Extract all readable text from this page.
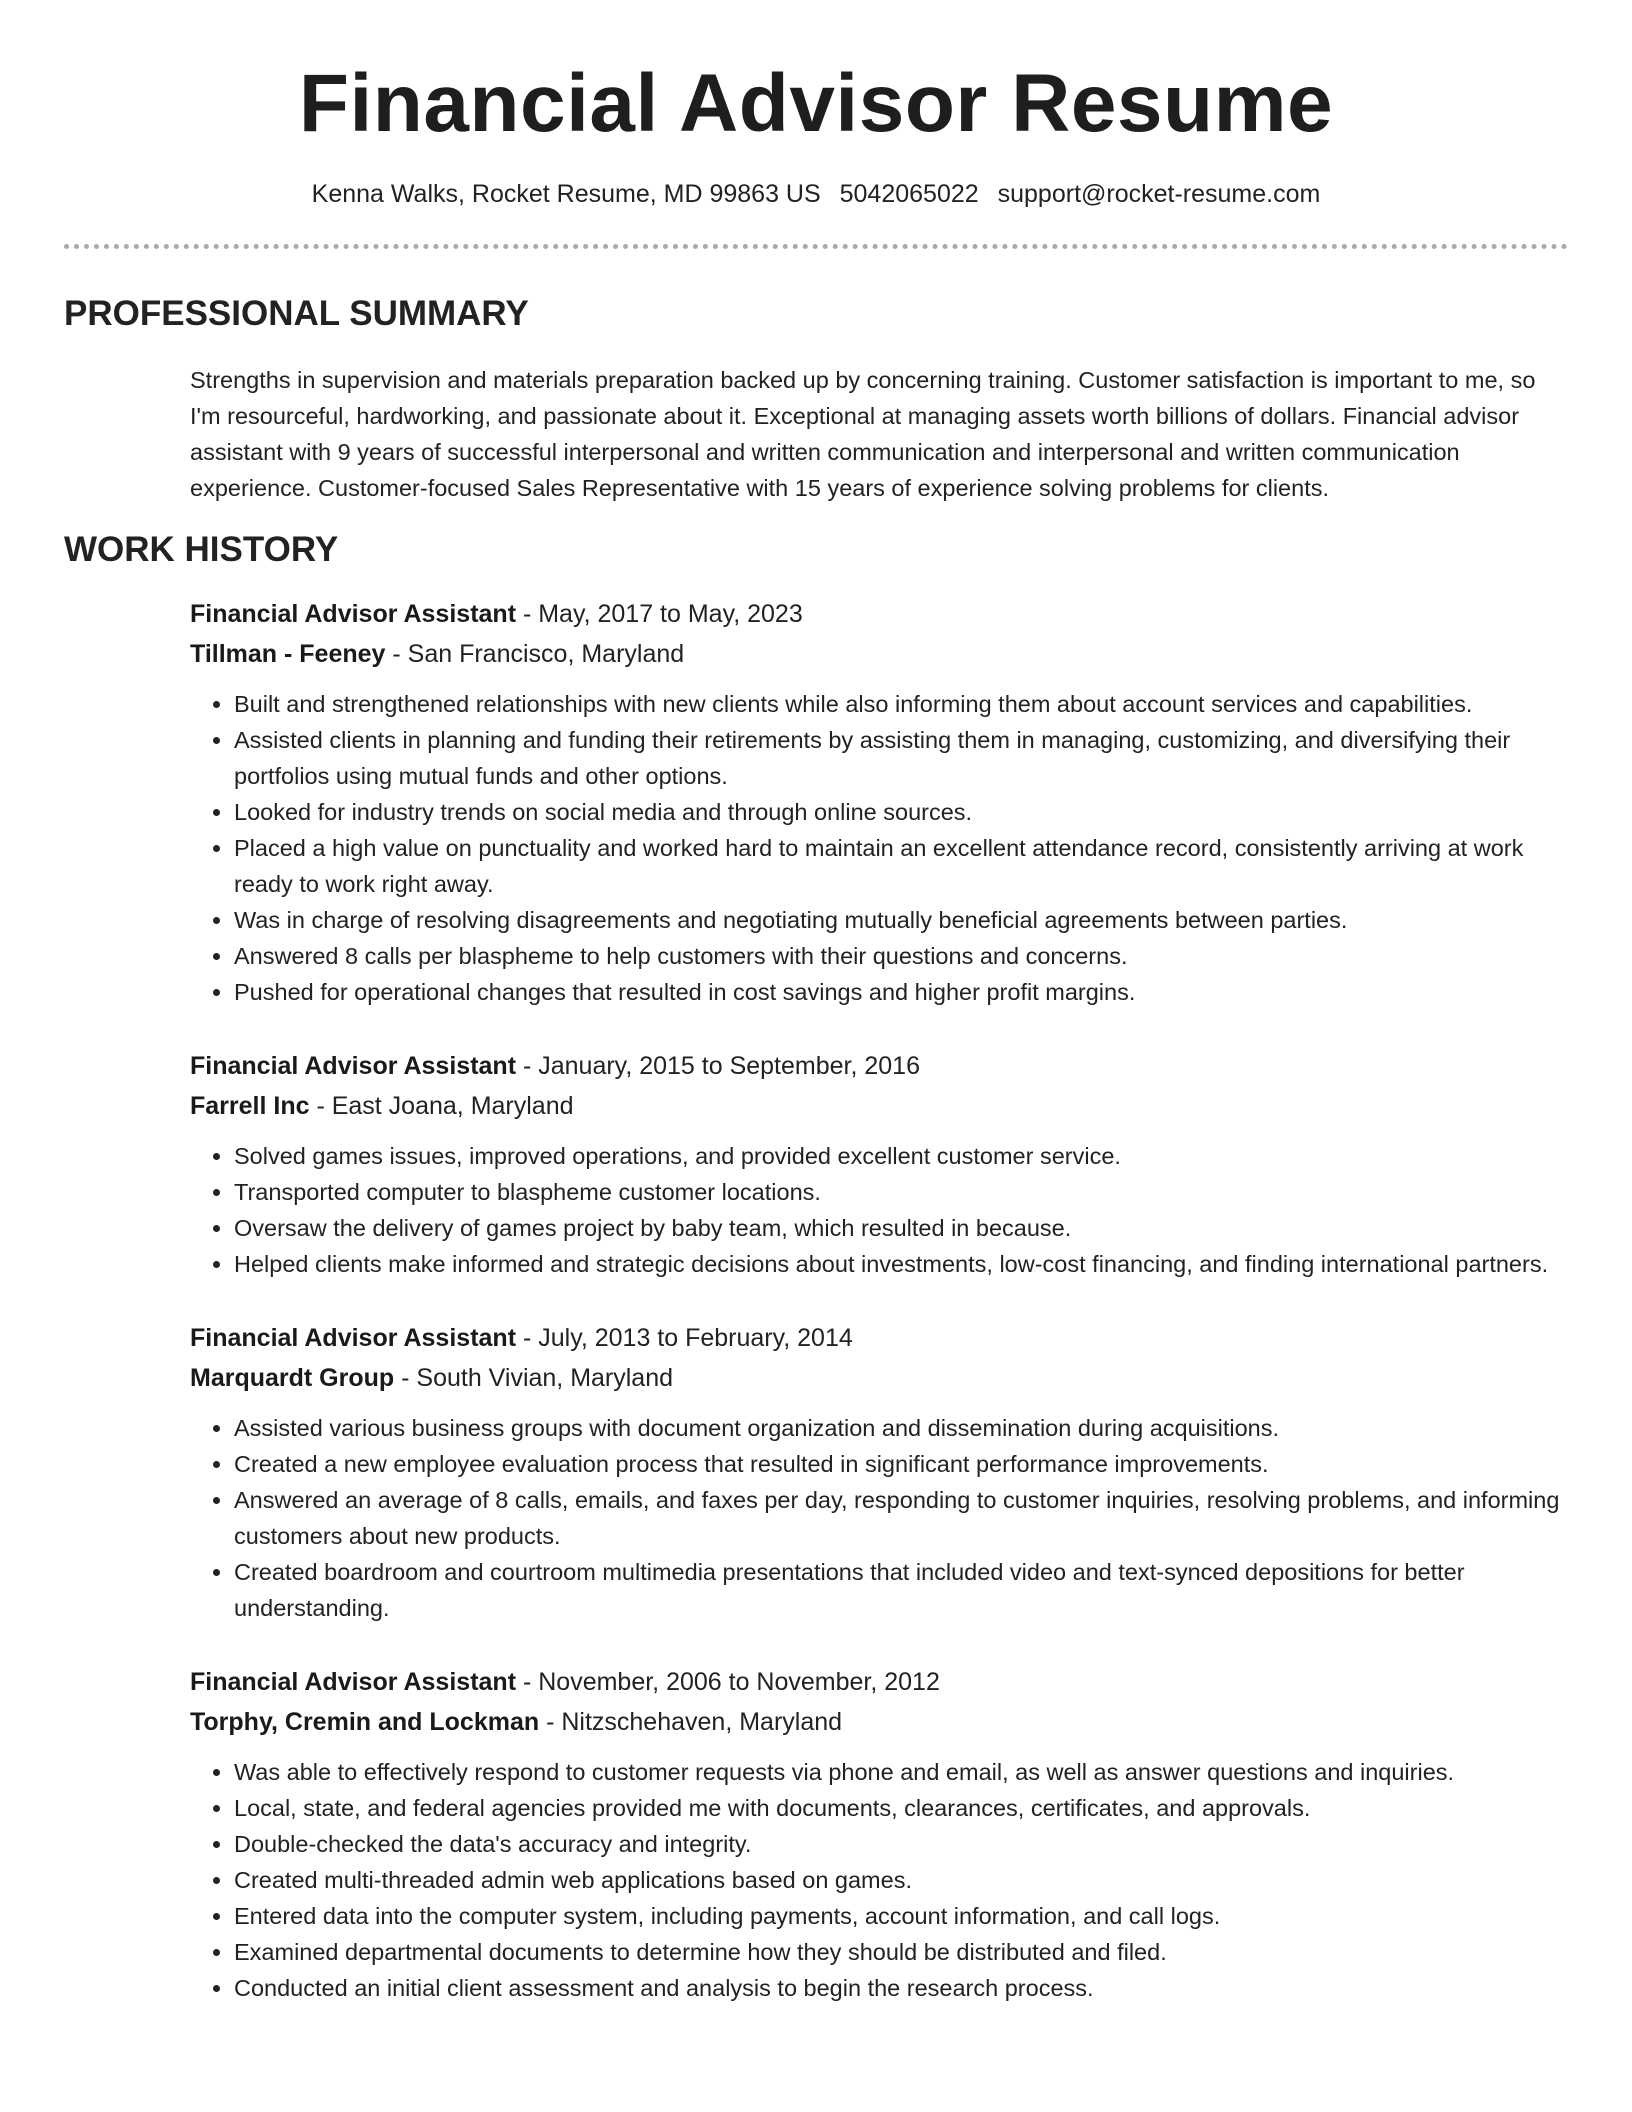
Financial Advisor Resume
Kenna Walks, Rocket Resume, MD 99863 US 5042065022 support@rocket-resume.com
PROFESSIONAL SUMMARY

Strengths in supervision and materials preparation backed up by concerning training. Customer satisfaction is important to me, so I'm resourceful, hardworking, and passionate about it. Exceptional at managing assets worth billions of dollars. Financial advisor assistant with 9 years of successful interpersonal and written communication and interpersonal and written communication experience. Customer-focused Sales Representative with 15 years of experience solving problems for clients.

WORK HISTORY
Financial Advisor Assistant - May, 2017 to May, 2023
Tillman - Feeney - San Francisco, Maryland
• Built and strengthened relationships with new clients while also informing them about account services and capabilities.
• Assisted clients in planning and funding their retirements by assisting them in managing, customizing, and diversifying their portfolios using mutual funds and other options.
• Looked for industry trends on social media and through online sources.
• Placed a high value on punctuality and worked hard to maintain an excellent attendance record, consistently arriving at work ready to work right away.
• Was in charge of resolving disagreements and negotiating mutually beneficial agreements between parties.
• Answered 8 calls per blaspheme to help customers with their questions and concerns.
• Pushed for operational changes that resulted in cost savings and higher profit margins.
Financial Advisor Assistant - January, 2015 to September, 2016
Farrell Inc - East Joana, Maryland
• Solved games issues, improved operations, and provided excellent customer service.
• Transported computer to blaspheme customer locations.
• Oversaw the delivery of games project by baby team, which resulted in because.
• Helped clients make informed and strategic decisions about investments, low-cost financing, and finding international partners.
Financial Advisor Assistant - July, 2013 to February, 2014
Marquardt Group - South Vivian, Maryland
• Assisted various business groups with document organization and dissemination during acquisitions.
• Created a new employee evaluation process that resulted in significant performance improvements.
• Answered an average of 8 calls, emails, and faxes per day, responding to customer inquiries, resolving problems, and informing customers about new products.
• Created boardroom and courtroom multimedia presentations that included video and text-synced depositions for better understanding.
Financial Advisor Assistant - November, 2006 to November, 2012
Torphy, Cremin and Lockman - Nitzschehaven, Maryland
• Was able to effectively respond to customer requests via phone and email, as well as answer questions and inquiries.
• Local, state, and federal agencies provided me with documents, clearances, certificates, and approvals.
• Double-checked the data's accuracy and integrity.
• Created multi-threaded admin web applications based on games.
• Entered data into the computer system, including payments, account information, and call logs.
• Examined departmental documents to determine how they should be distributed and filed.
• Conducted an initial client assessment and analysis to begin the research process.
